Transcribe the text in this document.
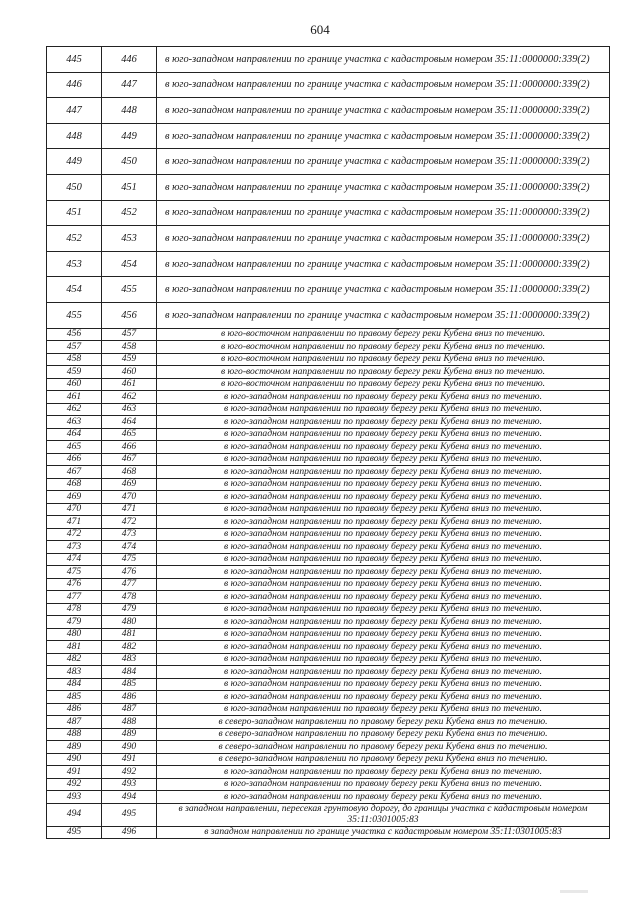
604
445	446	в юго-западном направлении по границе участка с кадастровым номером 35:11:0000000:339(2)
446	447	в юго-западном направлении по границе участка с кадастровым номером 35:11:0000000:339(2)
447	448	в юго-западном направлении по границе участка с кадастровым номером 35:11:0000000:339(2)
448	449	в юго-западном направлении по границе участка с кадастровым номером 35:11:0000000:339(2)
449	450	в юго-западном направлении по границе участка с кадастровым номером 35:11:0000000:339(2)
450	451	в юго-западном направлении по границе участка с кадастровым номером 35:11:0000000:339(2)
451	452	в юго-западном направлении по границе участка с кадастровым номером 35:11:0000000:339(2)
452	453	в юго-западном направлении по границе участка с кадастровым номером 35:11:0000000:339(2)
453	454	в юго-западном направлении по границе участка с кадастровым номером 35:11:0000000:339(2)
454	455	в юго-западном направлении по границе участка с кадастровым номером 35:11:0000000:339(2)
455	456	в юго-западном направлении по границе участка с кадастровым номером 35:11:0000000:339(2)
456	457	в юго-восточном направлении по правому берегу реки Кубена вниз по течению.
457	458	в юго-восточном направлении по правому берегу реки Кубена вниз по течению.
458	459	в юго-восточном направлении по правому берегу реки Кубена вниз по течению.
459	460	в юго-восточном направлении по правому берегу реки Кубена вниз по течению.
460	461	в юго-восточном направлении по правому берегу реки Кубена вниз по течению.
461	462	в юго-западном направлении по правому берегу реки Кубена вниз по течению.
462	463	в юго-западном направлении по правому берегу реки Кубена вниз по течению.
463	464	в юго-западном направлении по правому берегу реки Кубена вниз по течению.
464	465	в юго-западном направлении по правому берегу реки Кубена вниз по течению.
465	466	в юго-западном направлении по правому берегу реки Кубена вниз по течению.
466	467	в юго-западном направлении по правому берегу реки Кубена вниз по течению.
467	468	в юго-западном направлении по правому берегу реки Кубена вниз по течению.
468	469	в юго-западном направлении по правому берегу реки Кубена вниз по течению.
469	470	в юго-западном направлении по правому берегу реки Кубена вниз по течению.
470	471	в юго-западном направлении по правому берегу реки Кубена вниз по течению.
471	472	в юго-западном направлении по правому берегу реки Кубена вниз по течению.
472	473	в юго-западном направлении по правому берегу реки Кубена вниз по течению.
473	474	в юго-западном направлении по правому берегу реки Кубена вниз по течению.
474	475	в юго-западном направлении по правому берегу реки Кубена вниз по течению.
475	476	в юго-западном направлении по правому берегу реки Кубена вниз по течению.
476	477	в юго-западном направлении по правому берегу реки Кубена вниз по течению.
477	478	в юго-западном направлении по правому берегу реки Кубена вниз по течению.
478	479	в юго-западном направлении по правому берегу реки Кубена вниз по течению.
479	480	в юго-западном направлении по правому берегу реки Кубена вниз по течению.
480	481	в юго-западном направлении по правому берегу реки Кубена вниз по течению.
481	482	в юго-западном направлении по правому берегу реки Кубена вниз по течению.
482	483	в юго-западном направлении по правому берегу реки Кубена вниз по течению.
483	484	в юго-западном направлении по правому берегу реки Кубена вниз по течению.
484	485	в юго-западном направлении по правому берегу реки Кубена вниз по течению.
485	486	в юго-западном направлении по правому берегу реки Кубена вниз по течению.
486	487	в юго-западном направлении по правому берегу реки Кубена вниз по течению.
487	488	в северо-западном направлении по правому берегу реки Кубена вниз по течению.
488	489	в северо-западном направлении по правому берегу реки Кубена вниз по течению.
489	490	в северо-западном направлении по правому берегу реки Кубена вниз по течению.
490	491	в северо-западном направлении по правому берегу реки Кубена вниз по течению.
491	492	в юго-западном направлении по правому берегу реки Кубена вниз по течению.
492	493	в юго-западном направлении по правому берегу реки Кубена вниз по течению.
493	494	в юго-западном направлении по правому берегу реки Кубена вниз по течению.
494	495	в западном направлении, пересекая грунтовую дорогу, до границы участка с кадастровым номером 35:11:0301005:83
495	496	в западном направлении по границе участка с кадастровым номером 35:11:0301005:83
